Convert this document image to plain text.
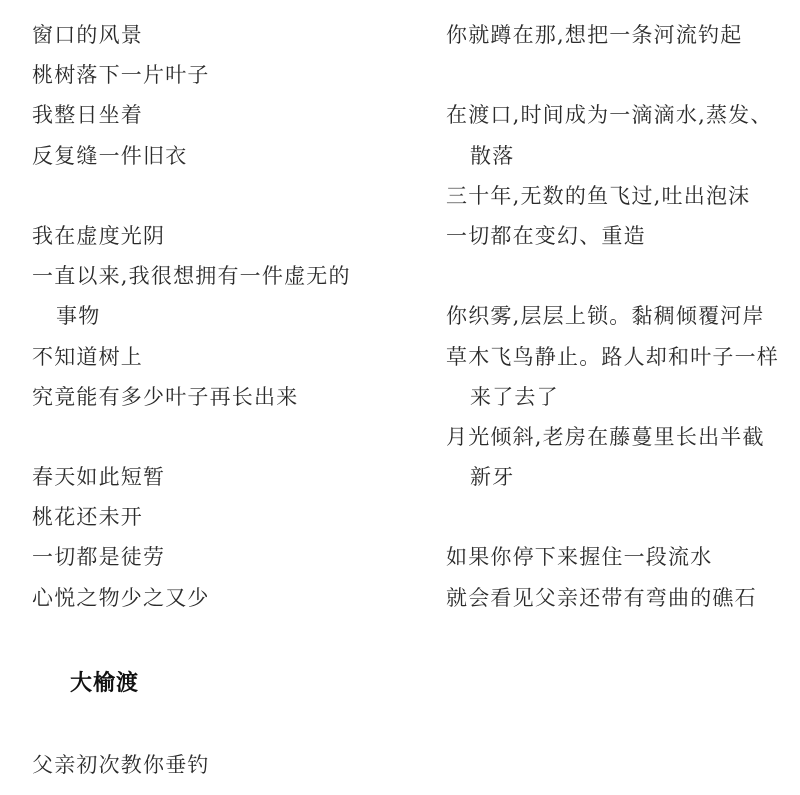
窗口的风景
桃树落下一片叶子
我整日坐着
反复缝一件旧衣
我在虚度光阴
一直以来,我很想拥有一件虚无的
事物
不知道树上
究竟能有多少叶子再长出来
春天如此短暂
桃花还未开
一切都是徒劳
心悦之物少之又少
你就蹲在那,想把一条河流钓起
在渡口,时间成为一滴滴水,蒸发、
散落
三十年,无数的鱼飞过,吐出泡沫
一切都在变幻、重造
你织雾,层层上锁。黏稠倾覆河岸
草木飞鸟静止。路人却和叶子一样
来了去了
月光倾斜,老房在藤蔓里长出半截
新牙
如果你停下来握住一段流水
就会看见父亲还带有弯曲的礁石
大榆渡
父亲初次教你垂钓
